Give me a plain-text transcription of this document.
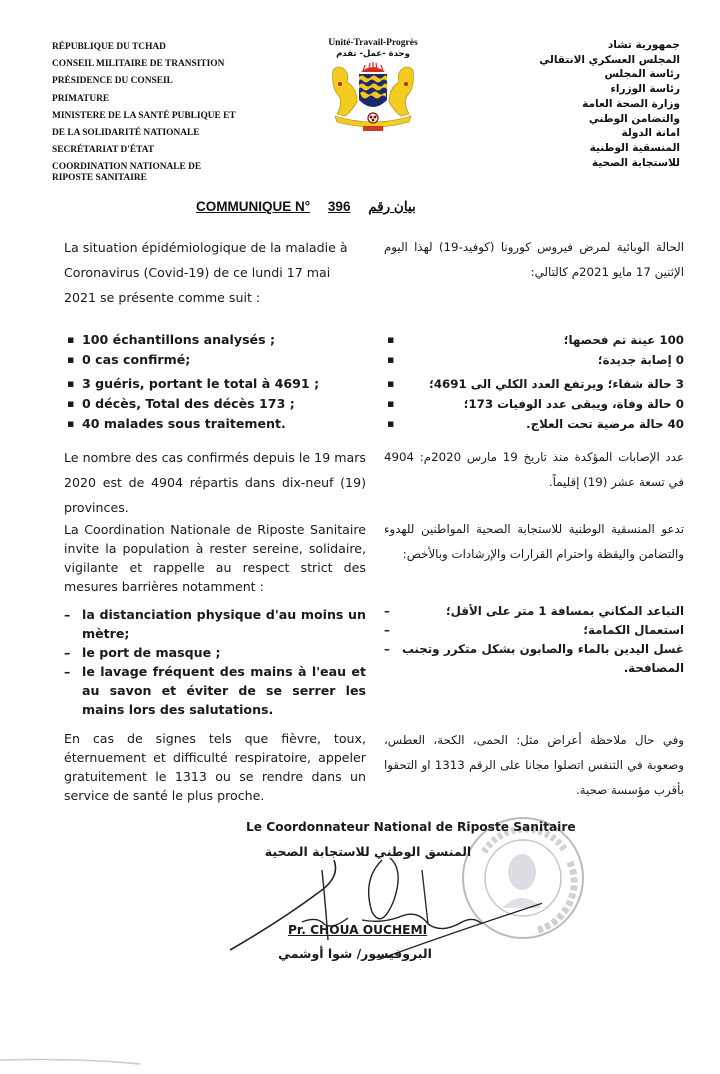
RÉPUBLIQUE DU TCHAD
CONSEIL MILITAIRE DE TRANSITION
PRÉSIDENCE DU CONSEIL
PRIMATURE
MINISTERE DE LA SANTÉ PUBLIQUE ET
DE LA SOLIDARITÉ NATIONALE
SECRÉTARIAT D'ÉTAT
COORDINATION NATIONALE DE
RIPOSTE SANITAIRE
Unité-Travail-Progrès
وحدة -عمل- تقدم
جمهورية تشاد
المجلس العسكري الانتقالي
رئاسة المجلس
رئاسة الوزراء
وزارة الصحة العامة
والتضامن الوطني
امانة الدولة
المنسقية الوطنية
للاستجابة الصحية
COMMUNIQUE N° 396 بيان رقم

La situation épidémiologique de la maladie à Coronavirus (Covid-19) de ce lundi 17 mai 2021 se présente comme suit :

▪ 100 échantillons analysés ;
▪ 0 cas confirmé;
▪ 3 guéris, portant le total à 4691 ;
▪ 0 décès, Total des décès 173 ;
▪ 40 malades sous traitement.

Le nombre des cas confirmés depuis le 19 mars 2020 est de 4904 répartis dans dix-neuf (19) provinces.

La Coordination Nationale de Riposte Sanitaire invite la population à rester sereine, solidaire, vigilante et rappelle au respect strict des mesures barrières notamment :

– la distanciation physique d'au moins un mètre;
– le port de masque ;
– le lavage fréquent des mains à l'eau et au savon et éviter de se serrer les mains lors des salutations.

En cas de signes tels que fièvre, toux, éternuement et difficulté respiratoire, appeler gratuitement le 1313 ou se rendre dans un service de santé le plus proche.

الحالة الوبائية لمرض فيروس كورونا (كوفيد-19) لهذا اليوم الإثنين 17 مايو 2021م كالتالي:

▪ 100 عينة تم فحصها؛
▪ 0 إصابة جديدة؛
▪ 3 حالة شفاء؛ ويرتفع العدد الكلي الى 4691؛
▪ 0 حالة وفاة، ويبقى عدد الوفيات 173؛
▪ 40 حالة مرضية تحت العلاج.

عدد الإصابات المؤكدة منذ تاريخ 19 مارس 2020م: 4904 في تسعة عشر (19) إقليماً.

تدعو المنسقية الوطنية للاستجابة الصحية المواطنين للهدوء والتضامن واليقظة واحترام القرارات والإرشادات وبالأخص:

– التباعد المكاني بمسافة 1 متر على الأقل؛
– استعمال الكمامة؛
– غسل اليدين بالماء والصابون بشكل متكرر وتجنب المصافحة.

وفي حال ملاحظة أعراض مثل: الحمى، الكحة، العطس، وصعوبة في التنفس اتصلوا مجانا على الرقم 1313 او التحقوا بأقرب مؤسسة صحية.

Le Coordonnateur National de Riposte Sanitaire
المنسق الوطني للاستجابة الصحية
Pr. CHOUA OUCHEMI
البروفيسور/ شوا أوشمي
